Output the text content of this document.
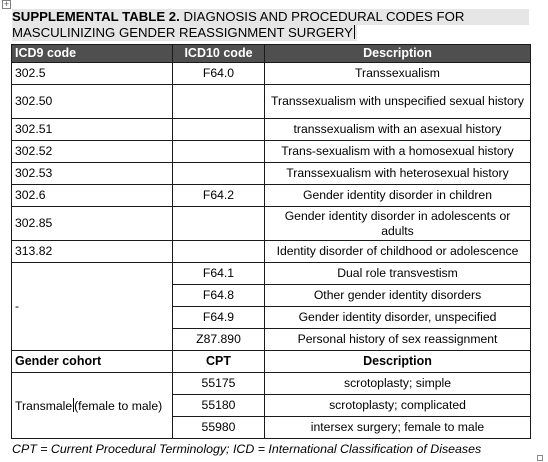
+
SUPPLEMENTAL TABLE 2. DIAGNOSIS AND PROCEDURAL CODES FOR
MASCULINIZING GENDER REASSIGNMENT SURGERY
ICD9 code	ICD10 code	Description
302.5	F64.0	Transsexualism
302.50		Transsexualism with unspecified sexual history
302.51		transsexualism with an asexual history
302.52		Trans-sexualism with a homosexual history
302.53		Transsexualism with heterosexual history
302.6	F64.2	Gender identity disorder in children
302.85		Gender identity disorder in adolescents or adults
313.82		Identity disorder of childhood or adolescence
-	F64.1	Dual role transvestism
	F64.8	Other gender identity disorders
	F64.9	Gender identity disorder, unspecified
	Z87.890	Personal history of sex reassignment
Gender cohort	CPT	Description
Transmale (female to male)	55175	scrotoplasty; simple
	55180	scrotoplasty; complicated
	55980	intersex surgery; female to male
CPT = Current Procedural Terminology; ICD = International Classification of Diseases
